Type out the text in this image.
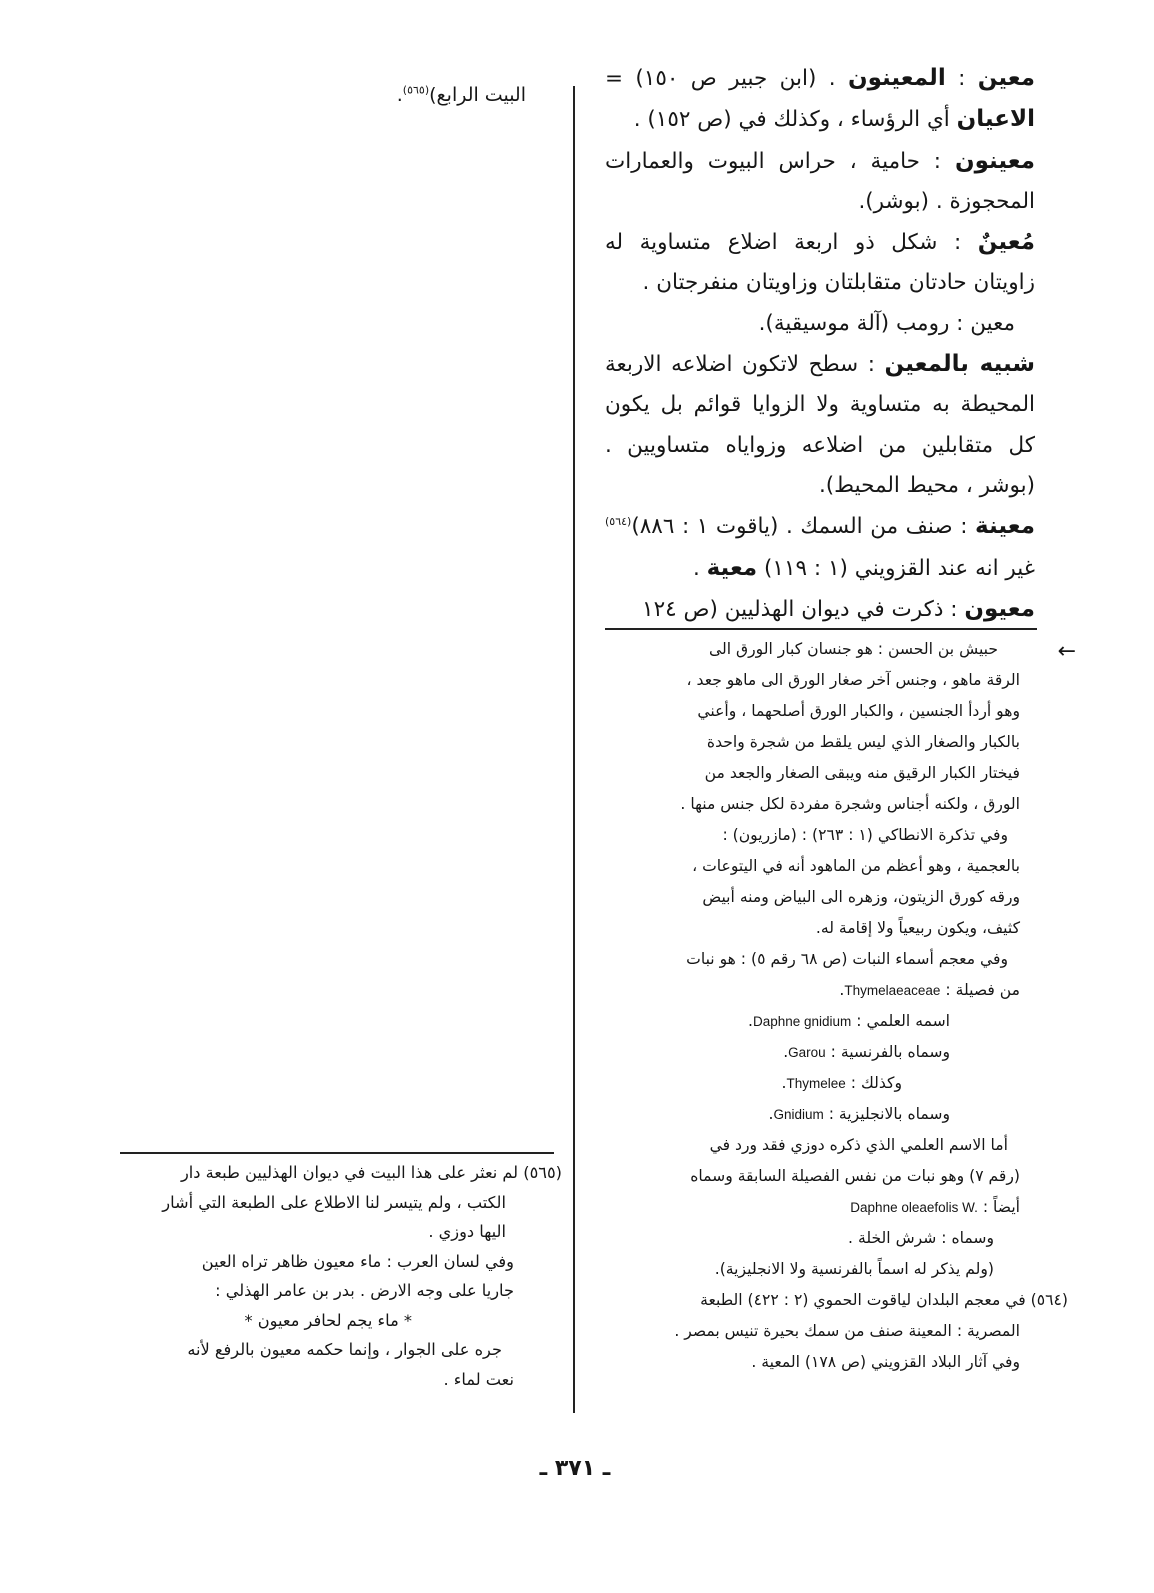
معين : المعينون . (ابن جبير ص ١٥٠) = الاعيان أي الرؤساء ، وكذلك في (ص ١٥٢) .

معينون : حامية ، حراس البيوت والعمارات المحجوزة . (بوشر).

مُعينٌ : شكل ذو اربعة اضلاع متساوية له زاويتان حادتان متقابلتان وزاويتان منفرجتان .

معين : رومب (آلة موسيقية).

شبيه بالمعين : سطح لاتكون اضلاعه الاربعة المحيطة به متساوية ولا الزوايا قوائم بل يكون كل متقابلين من اضلاعه وزواياه متساويين . (بوشر ، محيط المحيط).

معينة : صنف من السمك . (ياقوت ١ : ٨٨٦)$^{(٥٦٤)}$ غير انه عند القزويني (١ : ١١٩) معية .

معيون : ذكرت في ديوان الهذليين (ص ١٢٤

←

حبيش بن الحسن : هو جنسان كبار الورق الى

الرقة ماهو ، وجنس آخر صغار الورق الى ماهو جعد ،

وهو أردأ الجنسين ، والكبار الورق أصلحهما ، وأعني

بالكبار والصغار الذي ليس يلقط من شجرة واحدة

فيختار الكبار الرقيق منه ويبقى الصغار والجعد من

الورق ، ولكنه أجناس وشجرة مفردة لكل جنس منها .

وفي تذكرة الانطاكي (١ : ٢٦٣) : (مازريون) :

بالعجمية ، وهو أعظم من الماهود أنه في اليتوعات ،

ورقه كورق الزيتون، وزهره الى البياض ومنه أبيض

كثيف، ويكون ربيعياً ولا إقامة له.

وفي معجم أسماء النبات (ص ٦٨ رقم ٥) : هو نبات

من فصيلة : Thymelaeaceae.

اسمه العلمي : Daphne gnidium.

وسماه بالفرنسية : Garou.

وكذلك : Thymelee.

وسماه بالانجليزية : Gnidium.

أما الاسم العلمي الذي ذكره دوزي فقد ورد في

(رقم ٧) وهو نبات من نفس الفصيلة السابقة وسماه

أيضاً : Daphne oleaefolis W.

وسماه : شرش الخلة .

(ولم يذكر له اسماً بالفرنسية ولا الانجليزية).

(٥٦٤) في معجم البلدان لياقوت الحموي (٢ : ٤٢٢) الطبعة

المصرية : المعينة صنف من سمك بحيرة تنيس بمصر .

وفي آثار البلاد القزويني (ص ١٧٨) المعية .

البيت الرابع)$^{(٥٦٥)}$.

(٥٦٥) لم نعثر على هذا البيت في ديوان الهذليين طبعة دار

الكتب ، ولم يتيسر لنا الاطلاع على الطبعة التي أشار

اليها دوزي .

وفي لسان العرب : ماء معيون ظاهر تراه العين

جاريا على وجه الارض . بدر بن عامر الهذلي :

* ماء يجم لحافر معيون *

جره على الجوار ، وإنما حكمه معيون بالرفع لأنه

نعت لماء .

ـ ٣٧١ ـ
